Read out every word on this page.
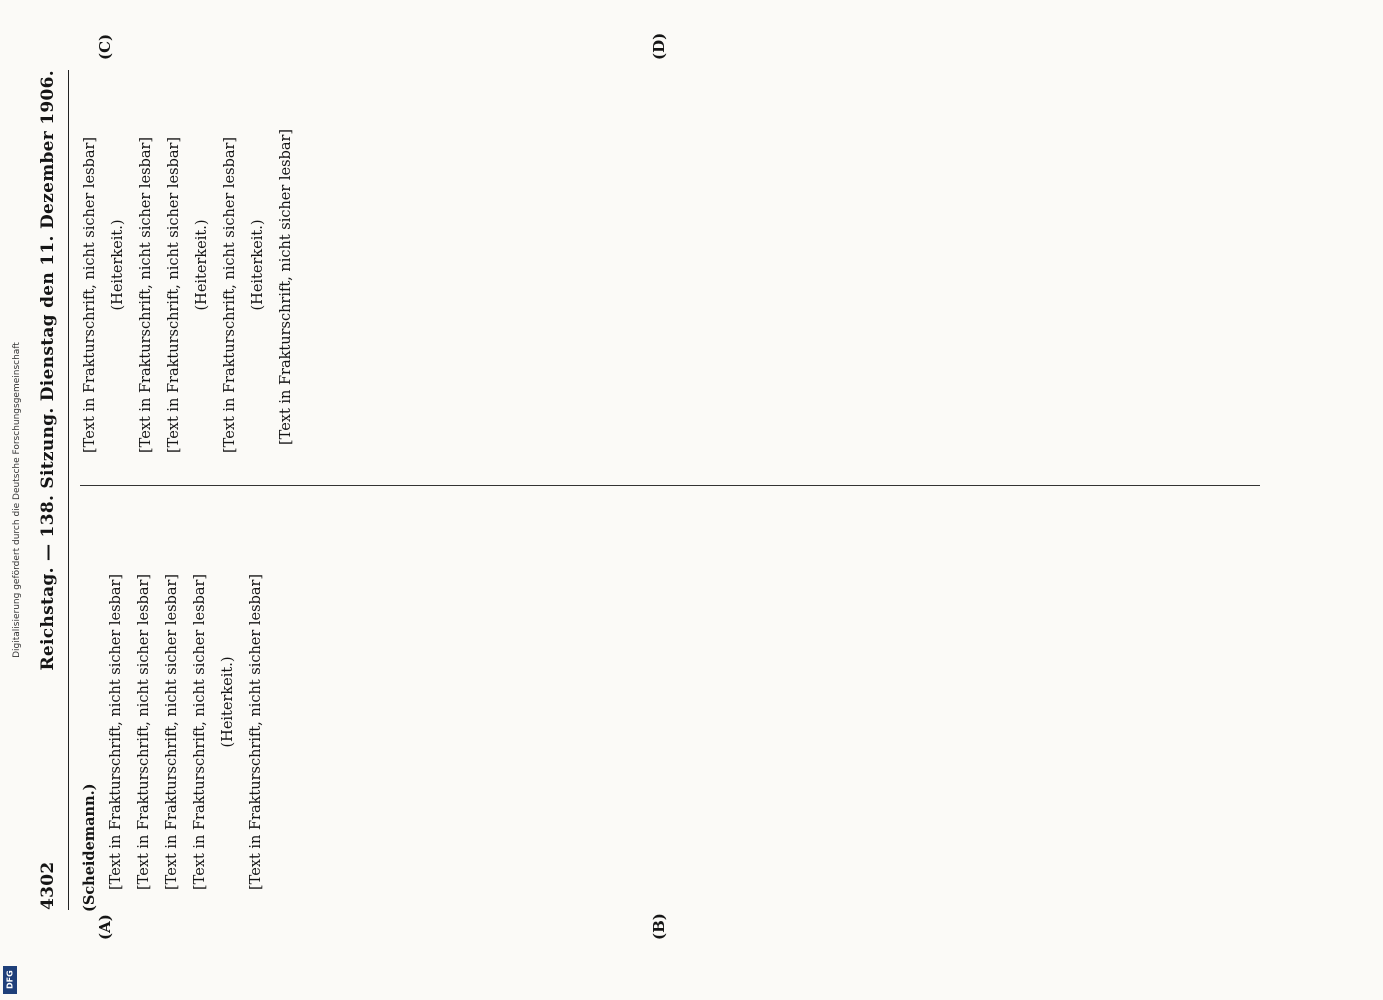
4302
Reichstag. — 138. Sitzung. Dienstag den 11. Dezember 1906.
(A)	(B)
(C)	(D)

(Scheidemann.) [Text in Frakturschrift, nicht sicher lesbar] [Text in Frakturschrift, nicht sicher lesbar] [Text in Frakturschrift, nicht sicher lesbar] [Text in Frakturschrift, nicht sicher lesbar] (Heiterkeit.) [Text in Frakturschrift, nicht sicher lesbar]

[Text in Frakturschrift, nicht sicher lesbar] (Heiterkeit.) [Text in Frakturschrift, nicht sicher lesbar] [Text in Frakturschrift, nicht sicher lesbar] (Heiterkeit.) [Text in Frakturschrift, nicht sicher lesbar] (Heiterkeit.) [Text in Frakturschrift, nicht sicher lesbar]

Digitalisierung gefördert durch die Deutsche Forschungsgemeinschaft
DFG
